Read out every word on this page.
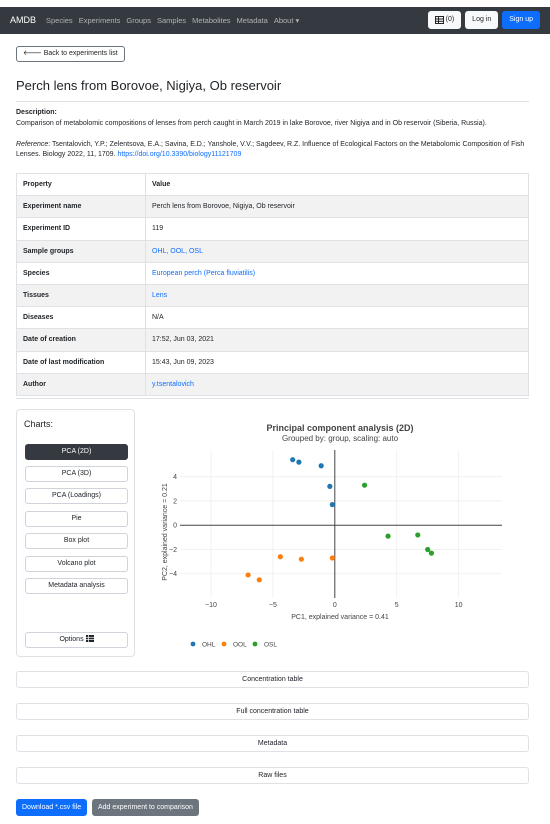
AMDB Species Experiments Groups Samples Metabolites Metadata About ▾	(0)	Log in	Sign up
🡐 Back to experiments list
Perch lens from Borovoe, Nigiya, Ob reservoir
Description:
Comparison of metabolomic compositions of lenses from perch caught in March 2019 in lake Borovoe, river Nigiya and in Ob reservoir (Siberia, Russia).
Reference: Tsentalovich, Y.P.; Zelentsova, E.A.; Savina, E.D.; Yanshole, V.V.; Sagdeev, R.Z. Influence of Ecological Factors on the Metabolomic Composition of Fish Lenses. Biology 2022, 11, 1709. https://doi.org/10.3390/biology11121709
Property	Value
Experiment name	Perch lens from Borovoe, Nigiya, Ob reservoir
Experiment ID	119
Sample groups	OHL, OOL, OSL
Species	European perch (Perca fluviatilis)
Tissues	Lens
Diseases	N/A
Date of creation	17:52, Jun 03, 2021
Date of last modification	15:43, Jun 09, 2023
Author	y.tsentalovich
Charts:
PCA (2D)
PCA (3D)
PCA (Loadings)
Pie
Box plot
Volcano plot
Metadata analysis
Options
Principal component analysis (2D)
Grouped by: group, scaling: auto
−10	−5	0	5	10
−4
−2
0
2
4
PC1, explained variance = 0.41
PC2, explained variance = 0.21
OHL	OOL	OSL
Concentration table
Full concentration table
Metadata
Raw files
Download *.csv file	Add experiment to comparison
